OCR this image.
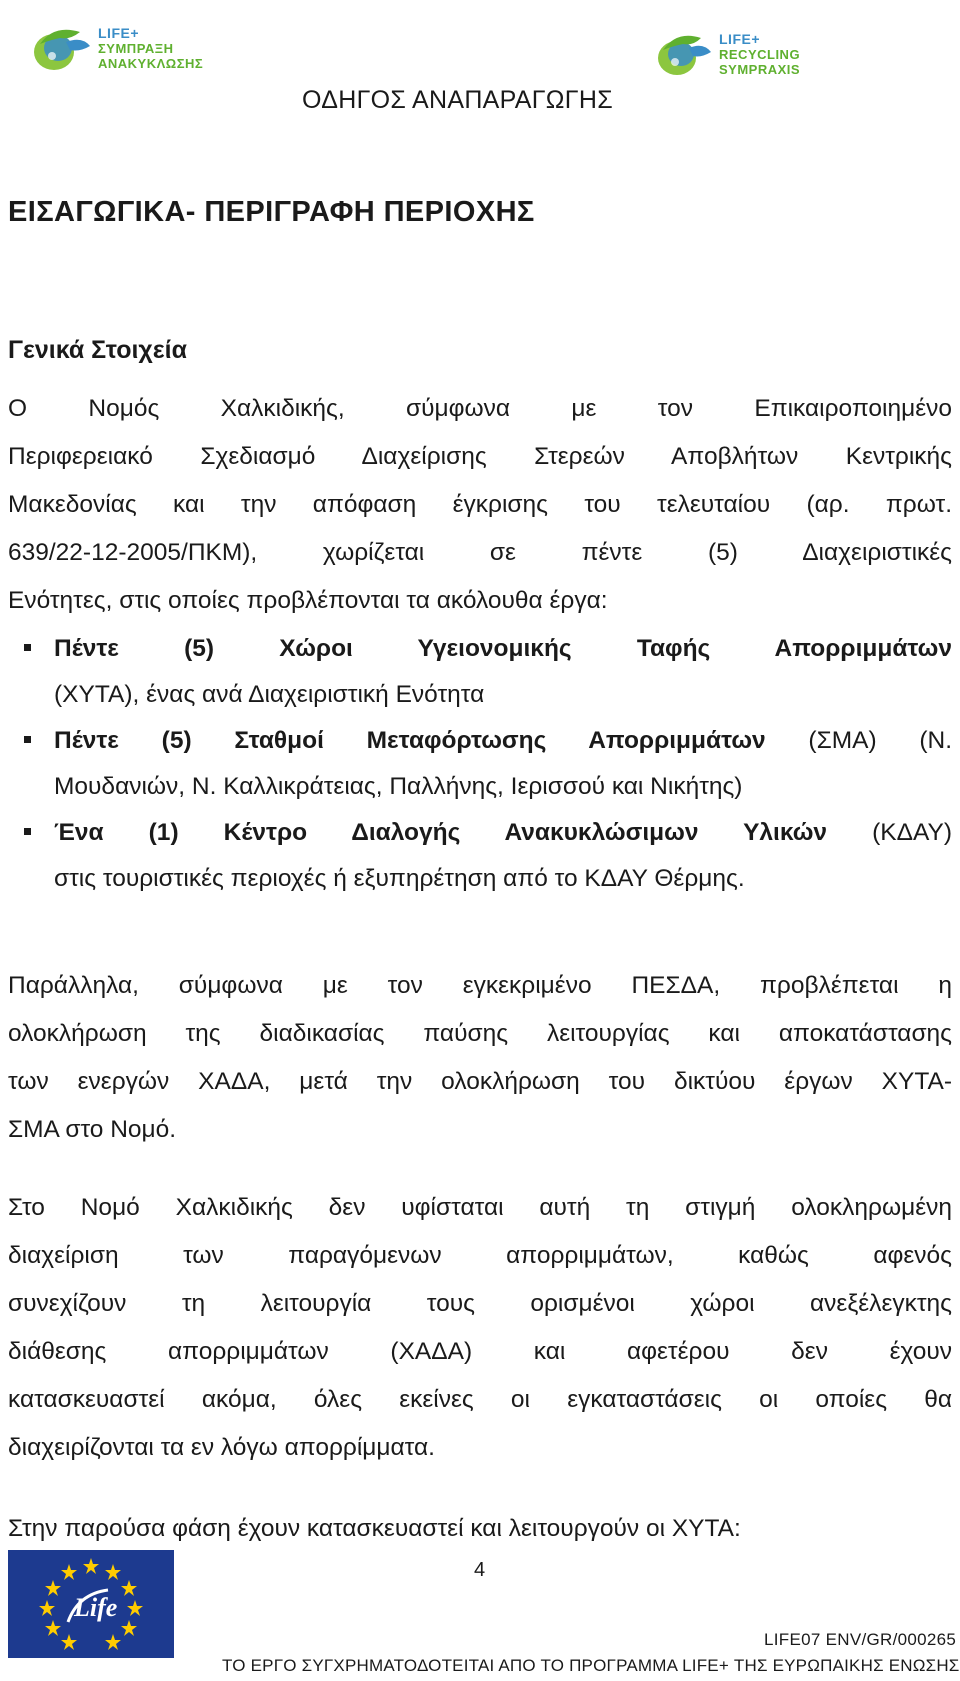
LIFE+
ΣΥΜΠΡΑΞΗ
ΑΝΑΚΥΚΛΩΣΗΣ
LIFE+
RECYCLING
SYMPRAXIS
ΟΔΗΓΟΣ ΑΝΑΠΑΡΑΓΩΓΗΣ
ΕΙΣΑΓΩΓΙΚΑ- ΠΕΡΙΓΡΑΦΗ ΠΕΡΙΟΧΗΣ
Γενικά Στοιχεία
Ο Νομός Χαλκιδικής, σύμφωνα με τον Επικαιροποιημένο
Περιφερειακό Σχεδιασμό Διαχείρισης Στερεών Αποβλήτων Κεντρικής
Μακεδονίας και την απόφαση έγκρισης του τελευταίου (αρ. πρωτ.
639/22-12-2005/ΠΚΜ), χωρίζεται σε πέντε (5) Διαχειριστικές
Ενότητες, στις οποίες προβλέπονται τα ακόλουθα έργα:
Πέντε (5) Χώροι Υγειονομικής Ταφής Απορριμμάτων
(ΧΥΤΑ), ένας ανά Διαχειριστική Ενότητα
Πέντε (5) Σταθμοί Μεταφόρτωσης Απορριμμάτων (ΣΜΑ) (Ν.
Μουδανιών, Ν. Καλλικράτειας, Παλλήνης, Ιερισσού και Νικήτης)
Ένα (1) Κέντρο Διαλογής Ανακυκλώσιμων Υλικών (ΚΔΑΥ)
στις τουριστικές περιοχές ή εξυπηρέτηση από το ΚΔΑΥ Θέρμης.
Παράλληλα, σύμφωνα με τον εγκεκριμένο ΠΕΣΔΑ, προβλέπεται η
ολοκλήρωση της διαδικασίας παύσης λειτουργίας και αποκατάστασης
των ενεργών ΧΑΔΑ, μετά την ολοκλήρωση του δικτύου έργων ΧΥΤΑ-
ΣΜΑ στο Νομό.
Στο Νομό Χαλκιδικής δεν υφίσταται αυτή τη στιγμή ολοκληρωμένη
διαχείριση των παραγόμενων απορριμμάτων, καθώς αφενός
συνεχίζουν τη λειτουργία τους ορισμένοι χώροι ανεξέλεγκτης
διάθεσης απορριμμάτων (ΧΑΔΑ) και αφετέρου δεν έχουν
κατασκευαστεί ακόμα, όλες εκείνες οι εγκαταστάσεις οι οποίες θα
διαχειρίζονται τα εν λόγω απορρίμματα.
Στην παρούσα φάση έχουν κατασκευαστεί και λειτουργούν οι ΧΥΤΑ:
4
Life
LIFE07 ENV/GR/000265
ΤΟ ΕΡΓΟ ΣΥΓΧΡΗΜΑΤΟΔΟΤΕΙΤΑΙ ΑΠΟ ΤΟ ΠΡΟΓΡΑΜΜΑ LIFE+ ΤΗΣ ΕΥΡΩΠΑΙΚΗΣ ΕΝΩΣΗΣ
